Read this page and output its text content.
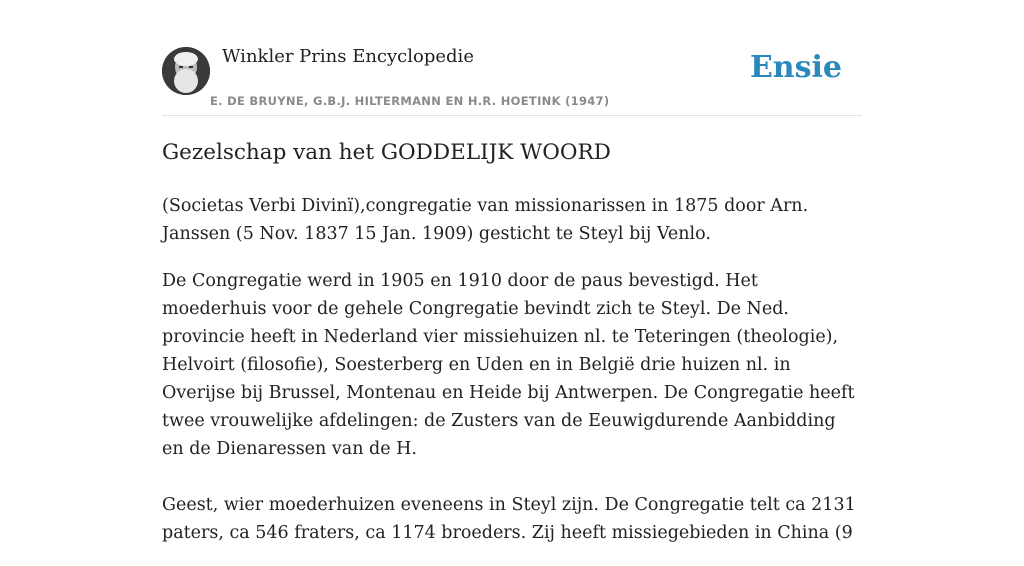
Winkler Prins Encyclopedie
E. DE BRUYNE, G.B.J. HILTERMANN EN H.R. HOETINK (1947)
Ensie
Gezelschap van het GODDELIJK WOORD

(Societas Verbi Divinï),congregatie van missionarissen in 1875 door Arn. Janssen (5 Nov. 1837 15 Jan. 1909) gesticht te Steyl bij Venlo.

De Congregatie werd in 1905 en 1910 door de paus bevestigd. Het moederhuis voor de gehele Congregatie bevindt zich te Steyl. De Ned. provincie heeft in Nederland vier missiehuizen nl. te Teteringen (theologie), Helvoirt (filosofie), Soesterberg en Uden en in België drie huizen nl. in Overijse bij Brussel, Montenau en Heide bij Antwerpen. De Congregatie heeft twee vrouwelijke afdelingen: de Zusters van de Eeuwigdurende Aanbidding en de Dienaressen van de H.

Geest, wier moederhuizen eveneens in Steyl zijn. De Congregatie telt ca 2131 paters, ca 546 fraters, ca 1174 broeders. Zij heeft missiegebieden in China (9
